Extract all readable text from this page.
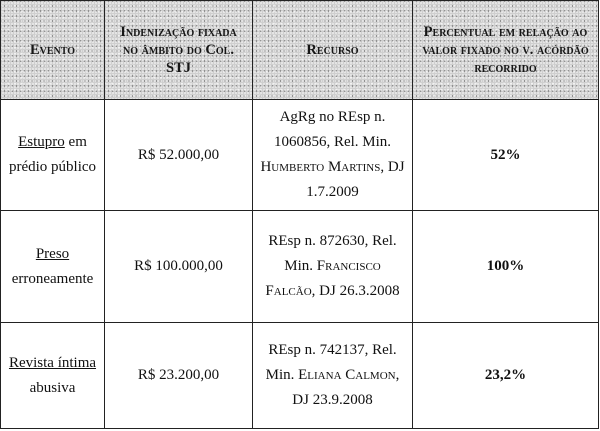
Evento	Indenização fixada no âmbito do Col. STJ	Recurso	Percentual em relação ao valor fixado no v. acórdão recorrido
Estupro em prédio público	R$ 52.000,00	AgRg no REsp n. 1060856, Rel. Min. Humberto Martins, DJ 1.7.2009	52%
Preso erroneamente	R$ 100.000,00	REsp n. 872630, Rel. Min. Francisco Falcão, DJ 26.3.2008	100%
Revista íntima abusiva	R$ 23.200,00	REsp n. 742137, Rel. Min. Eliana Calmon, DJ 23.9.2008	23,2%
